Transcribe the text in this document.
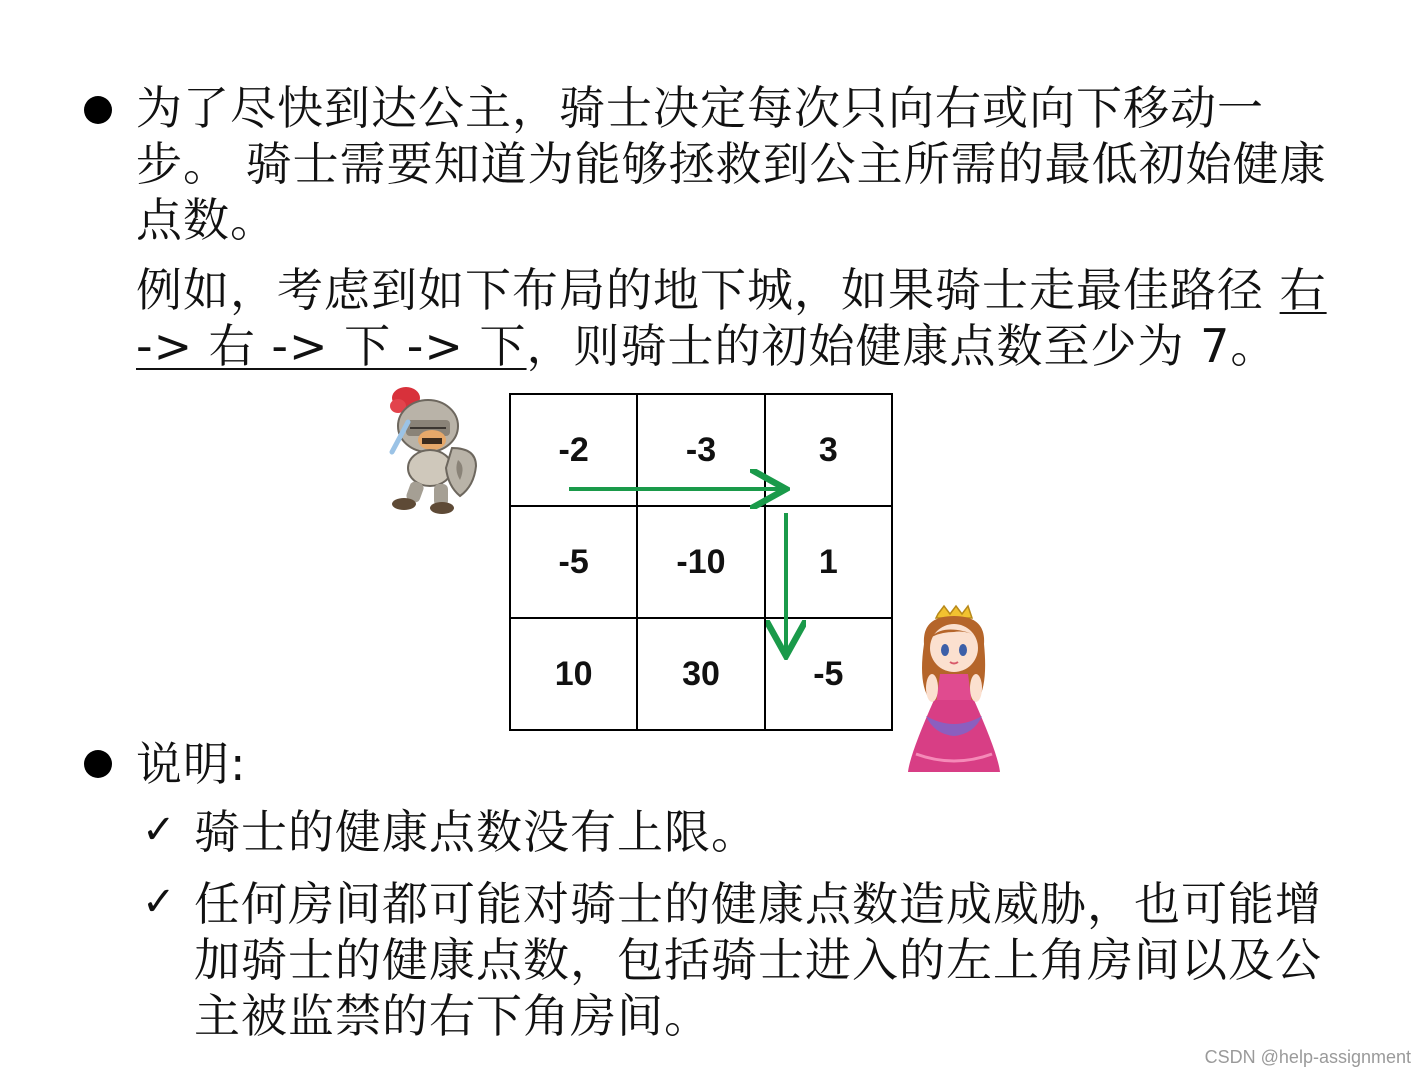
为了尽快到达公主，骑士决定每次只向右或向下移动一
步。 骑士需要知道为能够拯救到公主所需的最低初始健康
点数。
例如，考虑到如下布局的地下城，如果骑士走最佳路径 右
-> 右 -> 下 -> 下，则骑士的初始健康点数至少为 7。
-2	-3	3
-5	-10	1
10	30	-5
说明:
✓ 骑士的健康点数没有上限。
✓ 任何房间都可能对骑士的健康点数造成威胁，也可能增
加骑士的健康点数，包括骑士进入的左上角房间以及公
主被监禁的右下角房间。
CSDN @help-assignment
